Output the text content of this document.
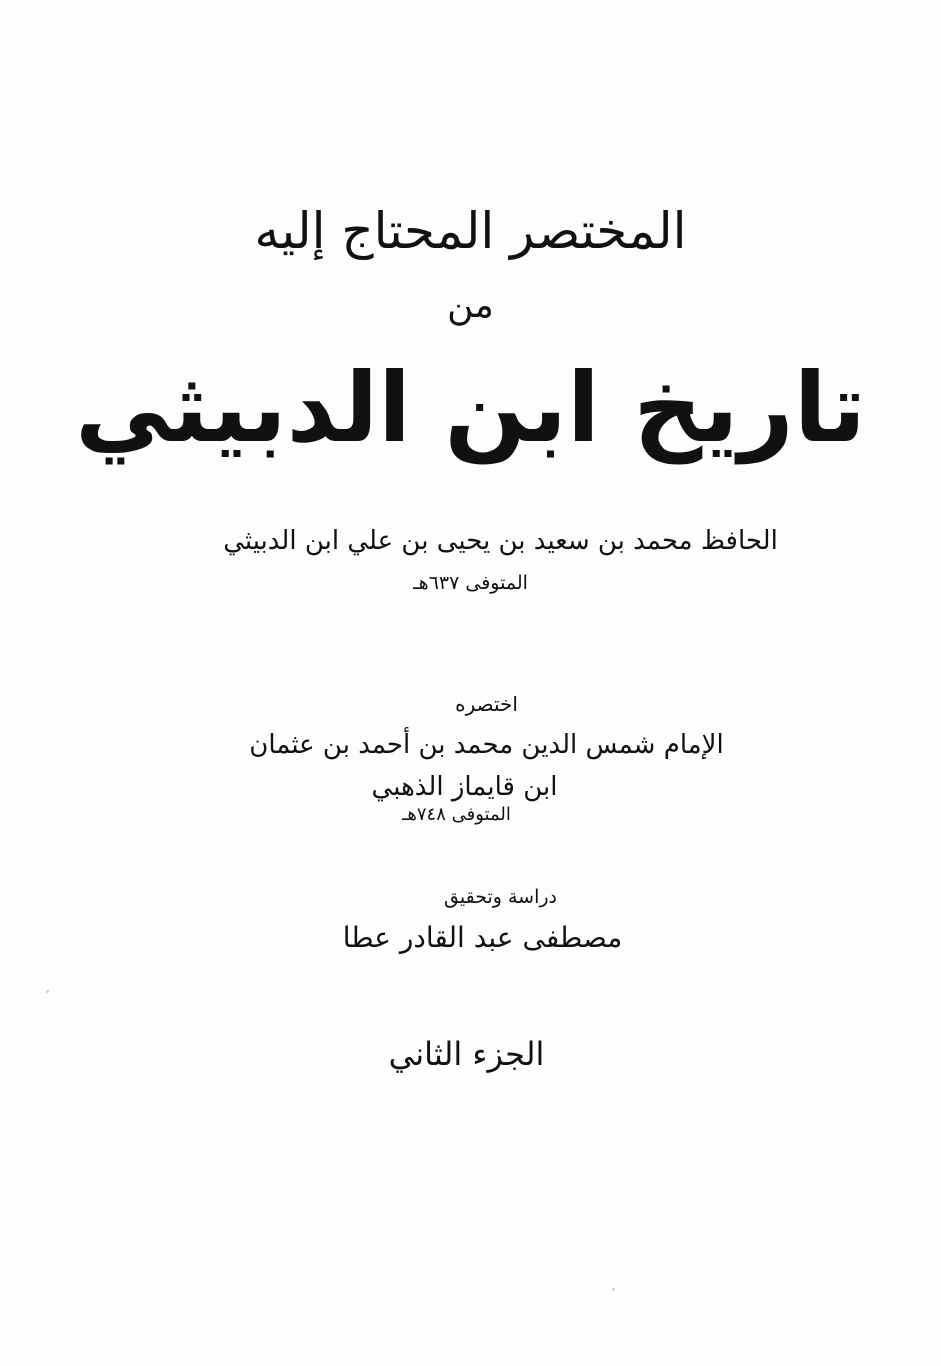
المختصر المحتاج إليه
من
تاريخ ابن الدبيثي
الحافظ محمد بن سعيد بن يحيى بن علي ابن الدبيثي
المتوفى ٦٣٧هـ
اختصره
الإمام شمس الدين محمد بن أحمد بن عثمان
ابن قايماز الذهبي
المتوفى ٧٤٨هـ
دراسة وتحقيق
مصطفى عبد القادر عطا
الجزء الثاني
